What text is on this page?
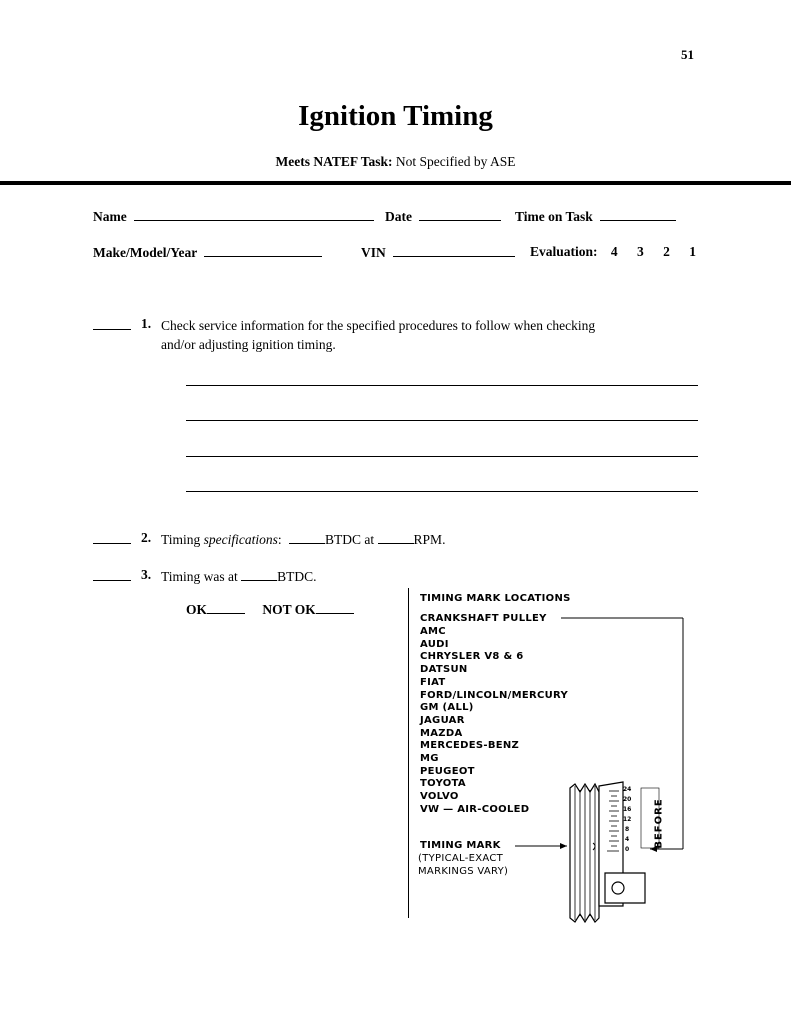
51
Ignition Timing
Meets NATEF Task: Not Specified by ASE
Name	Date	Time on Task
Make/Model/Year	VIN	Evaluation: 4 3 2 1
1. Check service information for the specified procedures to follow when checking
and/or adjusting ignition timing.
2. Timing specifications:	BTDC at	RPM.
3. Timing was at	BTDC.
OK	NOT OK
TIMING MARK LOCATIONS
CRANKSHAFT PULLEY
AMC
AUDI
CHRYSLER V8 & 6
DATSUN
FIAT
FORD/LINCOLN/MERCURY
GM (ALL)
JAGUAR
MAZDA
MERCEDES-BENZ
MG
PEUGEOT
TOYOTA
VOLVO
VW — AIR-COOLED
TIMING MARK
(TYPICAL-EXACT
MARKINGS VARY)
BEFORE
24
20
16
12
8
4
0
